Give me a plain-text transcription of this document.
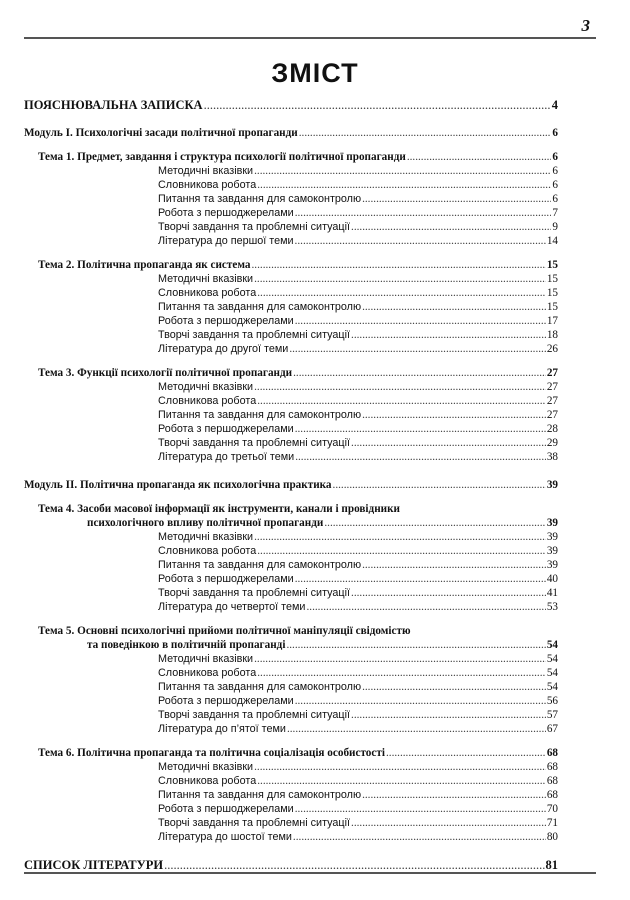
3
ЗМІСТ
ПОЯСНЮВАЛЬНА ЗАПИСКА .....	4
Модуль І. Психологічні засади політичної пропаганди .....	6
Тема 1. Предмет, завдання і структура психології політичної пропаганди .....	6
Методичні вказівки .....	6
Словникова робота .....	6
Питання та завдання для самоконтролю .....	6
Робота з першоджерелами .....	7
Творчі завдання та проблемні ситуації .....	9
Література до першої теми .....	14
Тема 2. Політична пропаганда як система .....	15
Методичні вказівки .....	15
Словникова робота .....	15
Питання та завдання для самоконтролю .....	15
Робота з першоджерелами .....	17
Творчі завдання та проблемні ситуації .....	18
Література до другої теми .....	26
Тема 3. Функції психології політичної пропаганди .....	27
Методичні вказівки .....	27
Словникова робота .....	27
Питання та завдання для самоконтролю .....	27
Робота з першоджерелами .....	28
Творчі завдання та проблемні ситуації .....	29
Література до третьої теми .....	38
Модуль ІІ. Політична пропаганда як психологічна практика .....	39
Тема 4. Засоби масової інформації як інструменти, канали і провідники
психологічного впливу політичної пропаганди .....	39
Методичні вказівки .....	39
Словникова робота .....	39
Питання та завдання для самоконтролю .....	39
Робота з першоджерелами .....	40
Творчі завдання та проблемні ситуації .....	41
Література до четвертої теми .....	53
Тема 5. Основні психологічні прийоми політичної маніпуляції свідомістю
та поведінкою в політичній пропаганді .....	54
Методичні вказівки .....	54
Словникова робота .....	54
Питання та завдання для самоконтролю .....	54
Робота з першоджерелами .....	56
Творчі завдання та проблемні ситуації .....	57
Література до п’ятої теми .....	67
Тема 6. Політична пропаганда та політична соціалізація особистості .....	68
Методичні вказівки .....	68
Словникова робота .....	68
Питання та завдання для самоконтролю .....	68
Робота з першоджерелами .....	70
Творчі завдання та проблемні ситуації .....	71
Література до шостої теми .....	80
СПИСОК ЛІТЕРАТУРИ .....	81
